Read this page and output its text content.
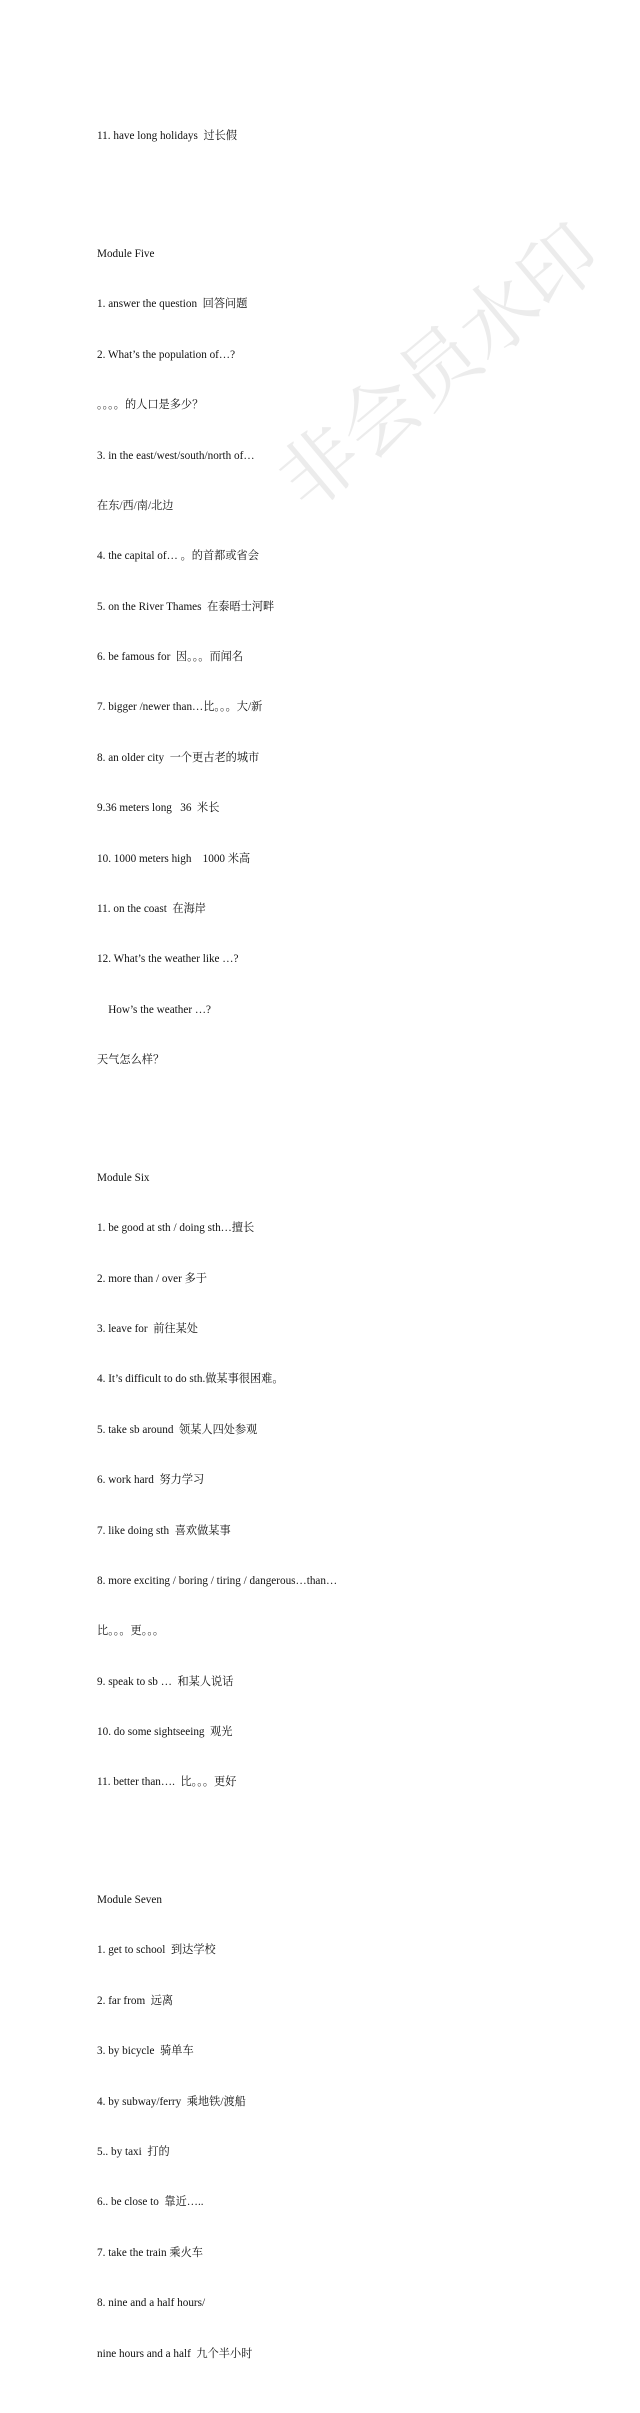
11. have long holidays  过长假

Module Five

1. answer the question  回答问题

2. What’s the population of…?

。。。。的人口是多少？

3. in the east/west/south/north of…

在东/西/南/北边

4. the capital of… 。的首都或省会

5. on the River Thames  在泰晤士河畔

6. be famous for  因。。。而闻名

7. bigger /newer than…比。。。大/新

8. an older city  一个更古老的城市

9.36 meters long   36  米长

10. 1000 meters high    1000 米高

11. on the coast  在海岸

12. What’s the weather like …?

How’s the weather …?

天气怎么样？

Module Six

1. be good at sth / doing sth…擅长

2. more than / over 多于

3. leave for  前往某处

4. It’s difficult to do sth.做某事很困难。

5. take sb around  领某人四处参观

6. work hard  努力学习

7. like doing sth  喜欢做某事

8. more exciting / boring / tiring / dangerous…than…

比。。。更。。。

9. speak to sb …  和某人说话

10. do some sightseeing  观光

11. better than….  比。。。更好

Module Seven

1. get to school  到达学校

2. far from  远离

3. by bicycle  骑单车

4. by subway/ferry  乘地铁/渡船

5.. by taxi  打的

6.. be close to  靠近…..

7. take the train 乘火车

8. nine and a half hours/

nine hours and a half  九个半小时

非会员水印
